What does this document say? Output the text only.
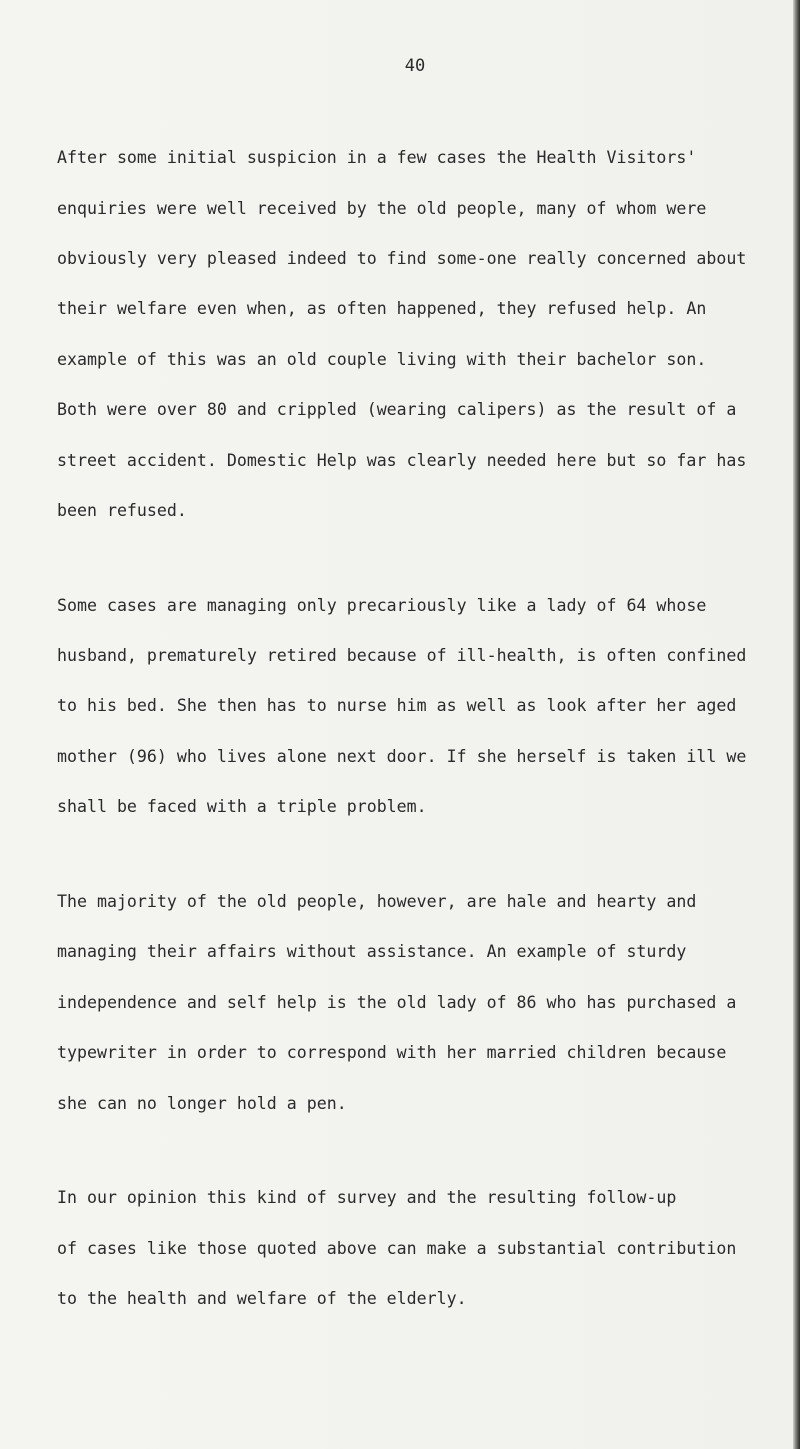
40

After some initial suspicion in a few cases the Health Visitors'

enquiries were well received by the old people, many of whom were

obviously very pleased indeed to find some-one really concerned about

their welfare even when, as often happened, they refused help. An

example of this was an old couple living with their bachelor son.

Both were over 80 and crippled (wearing calipers) as the result of a

street accident. Domestic Help was clearly needed here but so far has

been refused.

Some cases are managing only precariously like a lady of 64 whose

husband, prematurely retired because of ill-health, is often confined

to his bed. She then has to nurse him as well as look after her aged

mother (96) who lives alone next door. If she herself is taken ill we

shall be faced with a triple problem.

The majority of the old people, however, are hale and hearty and

managing their affairs without assistance. An example of sturdy

independence and self help is the old lady of 86 who has purchased a

typewriter in order to correspond with her married children because

she can no longer hold a pen.

In our opinion this kind of survey and the resulting follow-up

of cases like those quoted above can make a substantial contribution

to the health and welfare of the elderly.
